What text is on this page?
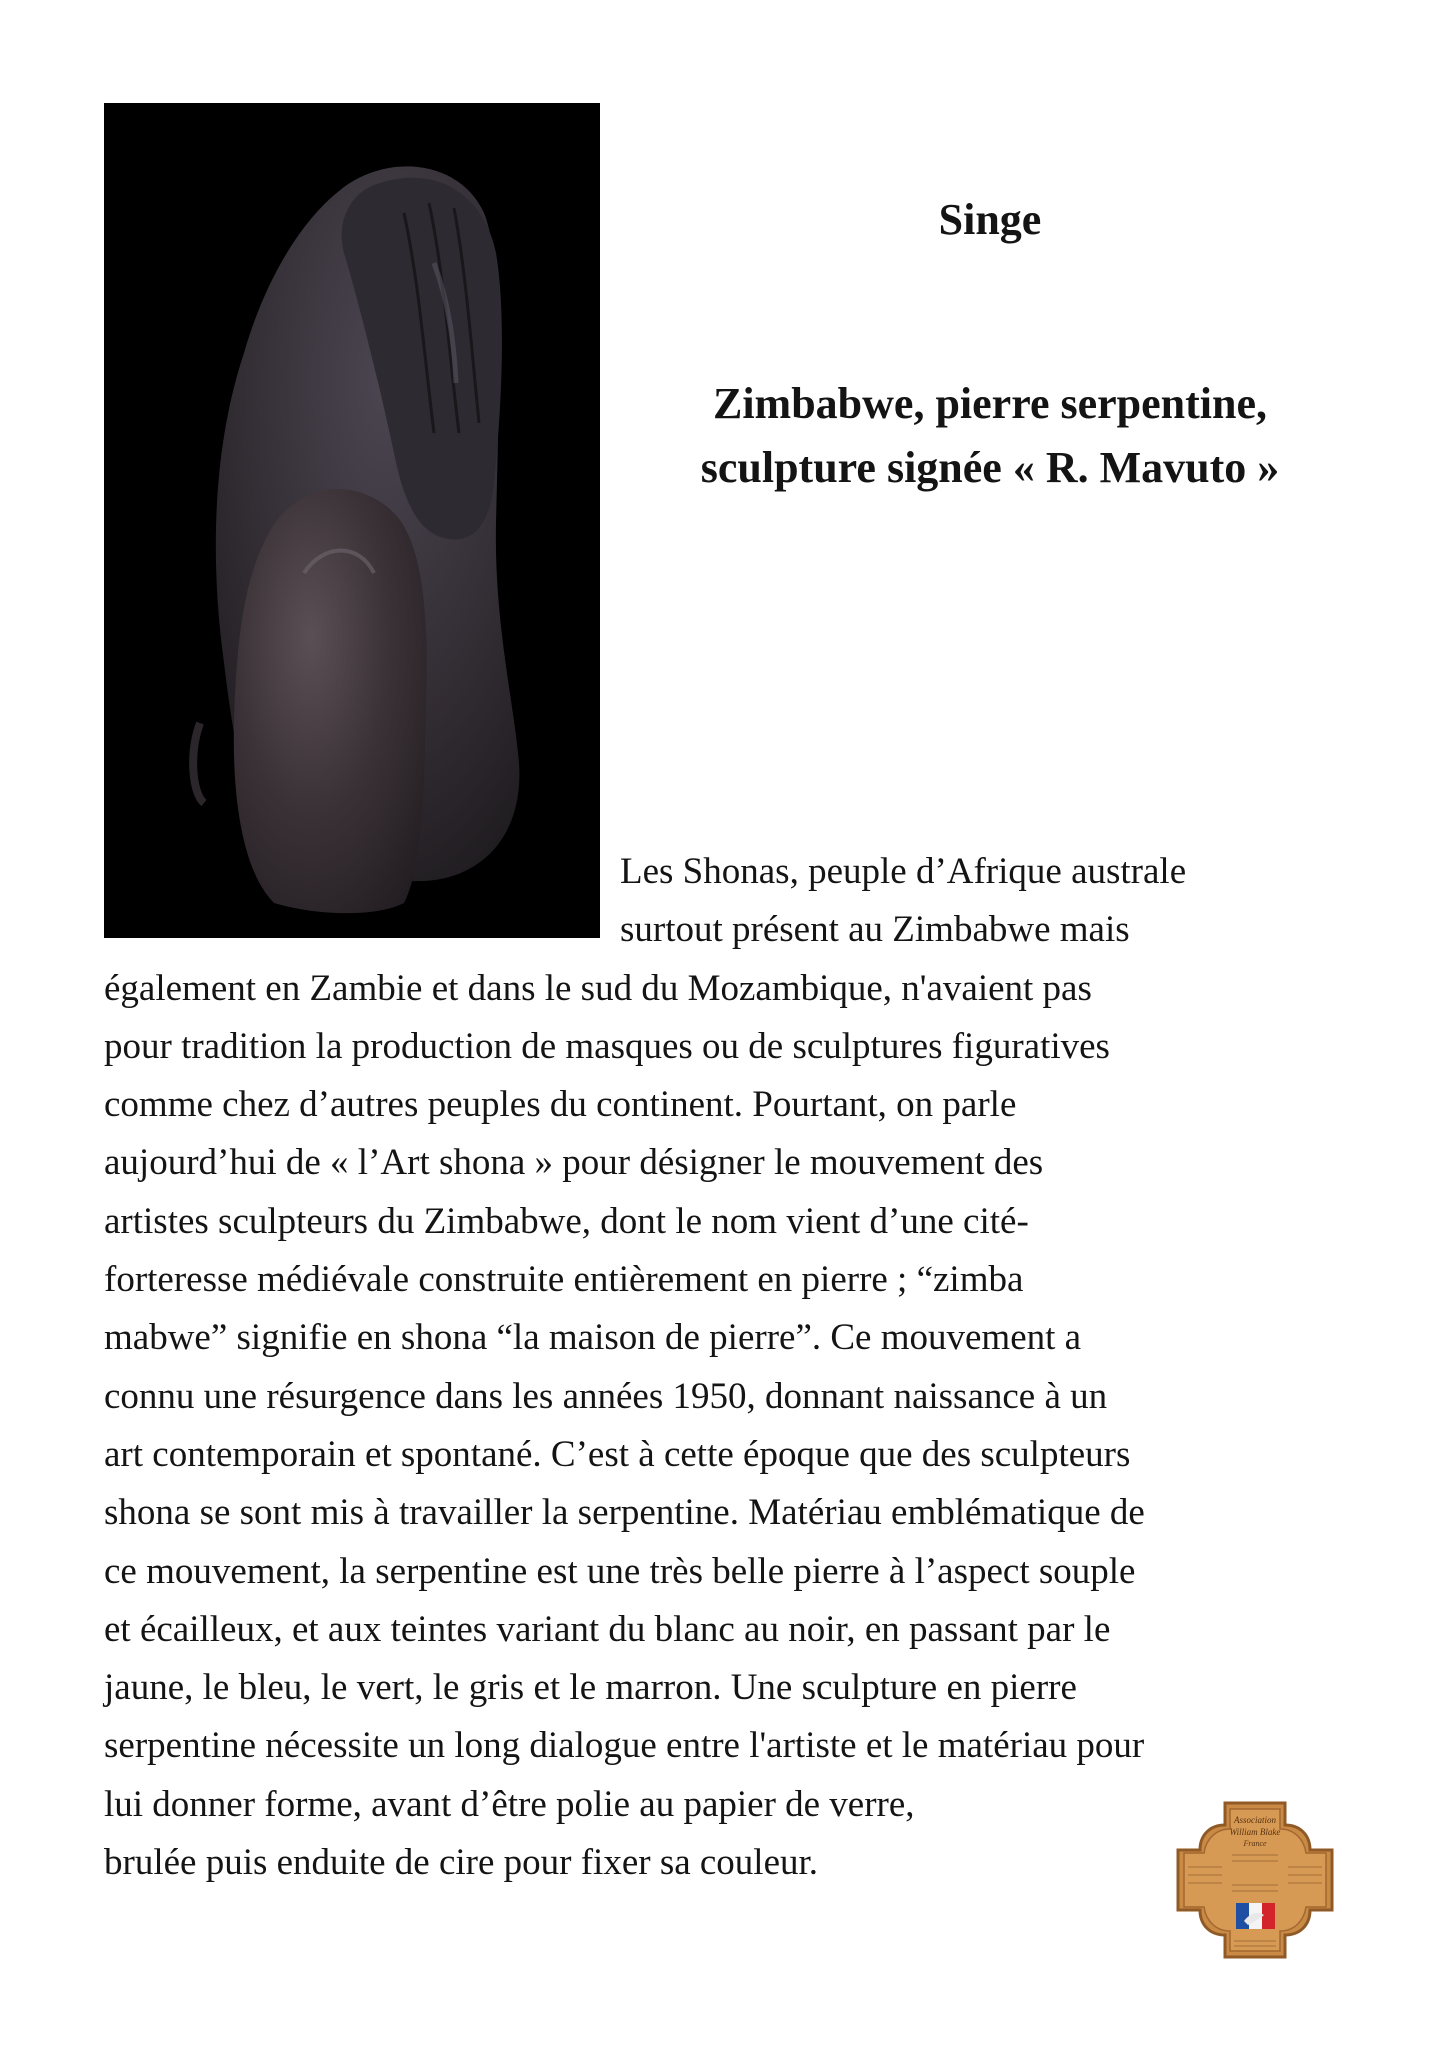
Singe
Zimbabwe, pierre serpentine,
sculpture signée « R. Mavuto »
Les Shonas, peuple d’Afrique australe
surtout présent au Zimbabwe mais
également en Zambie et dans le sud du Mozambique, n'avaient pas
pour tradition la production de masques ou de sculptures figuratives
comme chez d’autres peuples du continent. Pourtant, on parle
aujourd’hui de « l’Art shona » pour désigner le mouvement des
artistes sculpteurs du Zimbabwe, dont le nom vient d’une cité-
forteresse médiévale construite entièrement en pierre ; “zimba
mabwe” signifie en shona “la maison de pierre”. Ce mouvement a
connu une résurgence dans les années 1950, donnant naissance à un
art contemporain et spontané. C’est à cette époque que des sculpteurs
shona se sont mis à travailler la serpentine. Matériau emblématique de
ce mouvement, la serpentine est une très belle pierre à l’aspect souple
et écailleux, et aux teintes variant du blanc au noir, en passant par le
jaune, le bleu, le vert, le gris et le marron. Une sculpture en pierre
serpentine nécessite un long dialogue entre l'artiste et le matériau pour
lui donner forme, avant d’être polie au papier de verre,
brulée puis enduite de cire pour fixer sa couleur.
Association
William Blake
France
